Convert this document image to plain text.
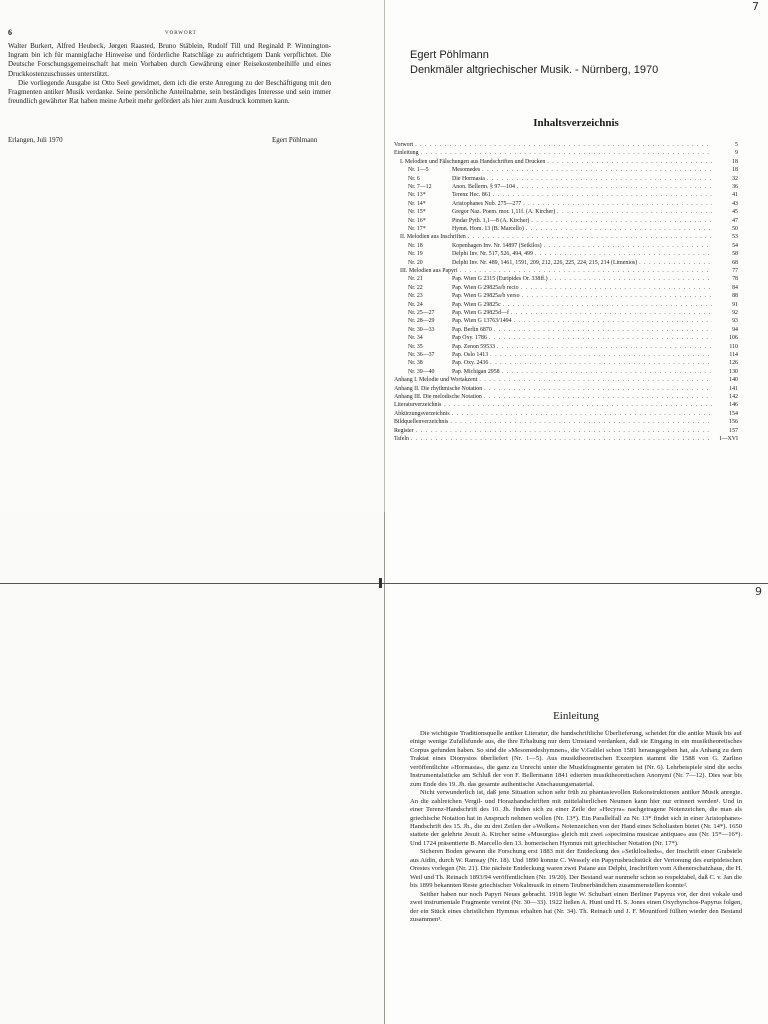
6	VORWORT

Walter Burkert, Alfred Heubeck, Jørgen Raasted, Bruno Stäblein, Rudolf Till und Reginald P. Winnington-Ingram bin ich für mannigfache Hinweise und förderliche Ratschläge zu aufrichtigem Dank verpflichtet. Die Deutsche Forschungsgemeinschaft hat mein Vorhaben durch Gewährung einer Reisekostenbeihilfe und eines Druckkostenzuschusses unterstützt.

Die vorliegende Ausgabe ist Otto Seel gewidmet, dem ich die erste Anregung zu der Beschäftigung mit den Fragmenten antiker Musik verdanke. Seine persönliche Anteilnahme, sein beständiges Interesse und sein immer freundlich gewährter Rat haben meine Arbeit mehr gefördert als hier zum Ausdruck kommen kann.

Erlangen, Juli 1970	Egert Pöhlmann
7
Egert Pöhlmann
Denkmäler altgriechischer Musik. - Nürnberg, 1970
Inhaltsverzeichnis
Vorwort . . .	5
Einleitung . . .	9
I. Melodien und Fälschungen aus Handschriften und Drucken . . .	18
Nr. 1—5	Mesomedes . . .	18
Nr. 6	Die Hormasia . . .	32
Nr. 7—12	Anon. Bellerm. § 97—104 . . .	36
Nr. 13*	Terenz Hec. 861 . . .	41
Nr. 14*	Aristophanes Nub. 275—277 . . .	43
Nr. 15*	Gregor Naz. Poem. mor. 1,11f. (A. Kircher) . . .	45
Nr. 16*	Pindar Pyth. 1,1—8 (A. Kircher) . . .	47
Nr. 17*	Hymn. Hom. 13 (B. Marcello) . . .	50
II. Melodien aus Inschriften . . .	53
Nr. 18	Kopenhagen Inv. Nr. 14897 (Seikilos) . . .	54
Nr. 19	Delphi Inv. Nr. 517, 526, 494, 499 . . .	58
Nr. 20	Delphi Inv. Nr. 489, 1461, 1591, 209, 212, 226, 225, 224, 215, 214 (Limenios) . . .	68
III. Melodien aus Papyri . . .	77
Nr. 21	Pap. Wien G 2315 (Euripides Or. 338ff.) . . .	78
Nr. 22	Pap. Wien G 29825a/b recto . . .	84
Nr. 23	Pap. Wien G 29825a/b verso . . .	88
Nr. 24	Pap. Wien G 29825c . . .	91
Nr. 25—27	Pap. Wien G 29825d—f . . .	92
Nr. 28—29	Pap. Wien G 13763/1494 . . .	93
Nr. 30—33	Pap. Berlin 6870 . . .	94
Nr. 34	Pap Oxy. 1786 . . .	106
Nr. 35	Pap. Zenon 59533 . . .	110
Nr. 36—37	Pap. Oslo 1413 . . .	114
Nr. 38	Pap. Oxy. 2436 . . .	126
Nr. 39—40	Pap. Michigan 2958 . . .	130
Anhang I. Melodie und Wortakzent . . .	140
Anhang II. Die rhythmische Notation . . .	141
Anhang III. Die melodische Notation . . .	142
Literaturverzeichnis . . .	146
Abkürzungsverzeichnis . . .	154
Bildquellenverzeichnis . . .	156
Register . . .	157
Tafeln . . .	I—XVI
9
Einleitung

Die wichtigste Traditionsquelle antiker Literatur, die handschriftliche Überlieferung, scheidet für die antike Musik bis auf einige wenige Zufallsfunde aus, die ihre Erhaltung nur dem Umstand verdanken, daß sie Eingang in ein musiktheoretisches Corpus gefunden haben. So sind die »Mesomedeshymnen«, die V.Galilei schon 1581 herausgegeben hat, als Anhang zu dem Traktat eines Dionysios überliefert (Nr. 1—5). Aus musiktheoretischen Exzerpten stammt die 1588 von G. Zarlino veröffentlichte »Hormasia«, die ganz zu Unrecht unter die Musikfragmente geraten ist (Nr. 6). Lehrbeispiele sind die sechs Instrumentalstücke am Schluß der von F. Bellermann 1841 edierten musiktheoretischen Anonymi (Nr. 7—12). Dies war bis zum Ende des 19. Jh. das gesamte authentische Anschauungsmaterial.

Nicht verwunderlich ist, daß jene Situation schon sehr früh zu phantasievollen Rekonstruktionen antiker Musik anregte. An die zahlreichen Vergil- und Horazhandschriften mit mittelalterlichen Neumen kann hier nur erinnert werden¹. Und in einer Terenz-Handschrift des 10. Jh. finden sich zu einer Zeile der »Hecyra« nachgetragene Notenzeichen, die man als griechische Notation hat in Anspruch nehmen wollen (Nr. 13*). Ein Parallelfall zu Nr. 13* findet sich in einer Aristophanes-Handschrift des 15. Jh., die zu drei Zeilen der »Wolken« Notenzeichen von der Hand eines Scholiasten bietet (Nr. 14*). 1650 stattete der gelehrte Jesuit A. Kircher seine »Musurgia« gleich mit zwei »specimina musicae antiquae« aus (Nr. 15*—16*). Und 1724 präsentierte B. Marcello den 13. homerischen Hymnus mit griechischer Notation (Nr. 17*).

Sicheren Boden gewann die Forschung erst 1883 mit der Entdeckung des »Seikiloslieds«, der Inschrift einer Grabstele aus Aidin, durch W. Ramsay (Nr. 18). Und 1890 konnte C. Wessely ein Papyrusbruchstück der Vertonung des euripideischen Orestes vorlegen (Nr. 21). Die nächste Entdeckung waren zwei Paiane aus Delphi, Inschriften vom Athenerschatzhaus, die H. Weil und Th. Reinach 1893/94 veröffentlichten (Nr. 19/20). Der Bestand war nunmehr schon so respektabel, daß C. v. Jan die bis 1899 bekannten Reste griechischer Vokalmusik in einem Teubnerbändchen zusammenstellen konnte².

Seither haben nur noch Papyri Neues gebracht. 1918 legte W. Schubart einen Berliner Papyrus vor, der drei vokale und zwei instrumentale Fragmente vereint (Nr. 30—33). 1922 ließen A. Hunt und H. S. Jones einen Oxyrhynchos-Papyrus folgen, der ein Stück eines christlichen Hymnus erhalten hat (Nr. 34). Th. Reinach und J. F. Mountford füllten wieder den Bestand zusammen³.
